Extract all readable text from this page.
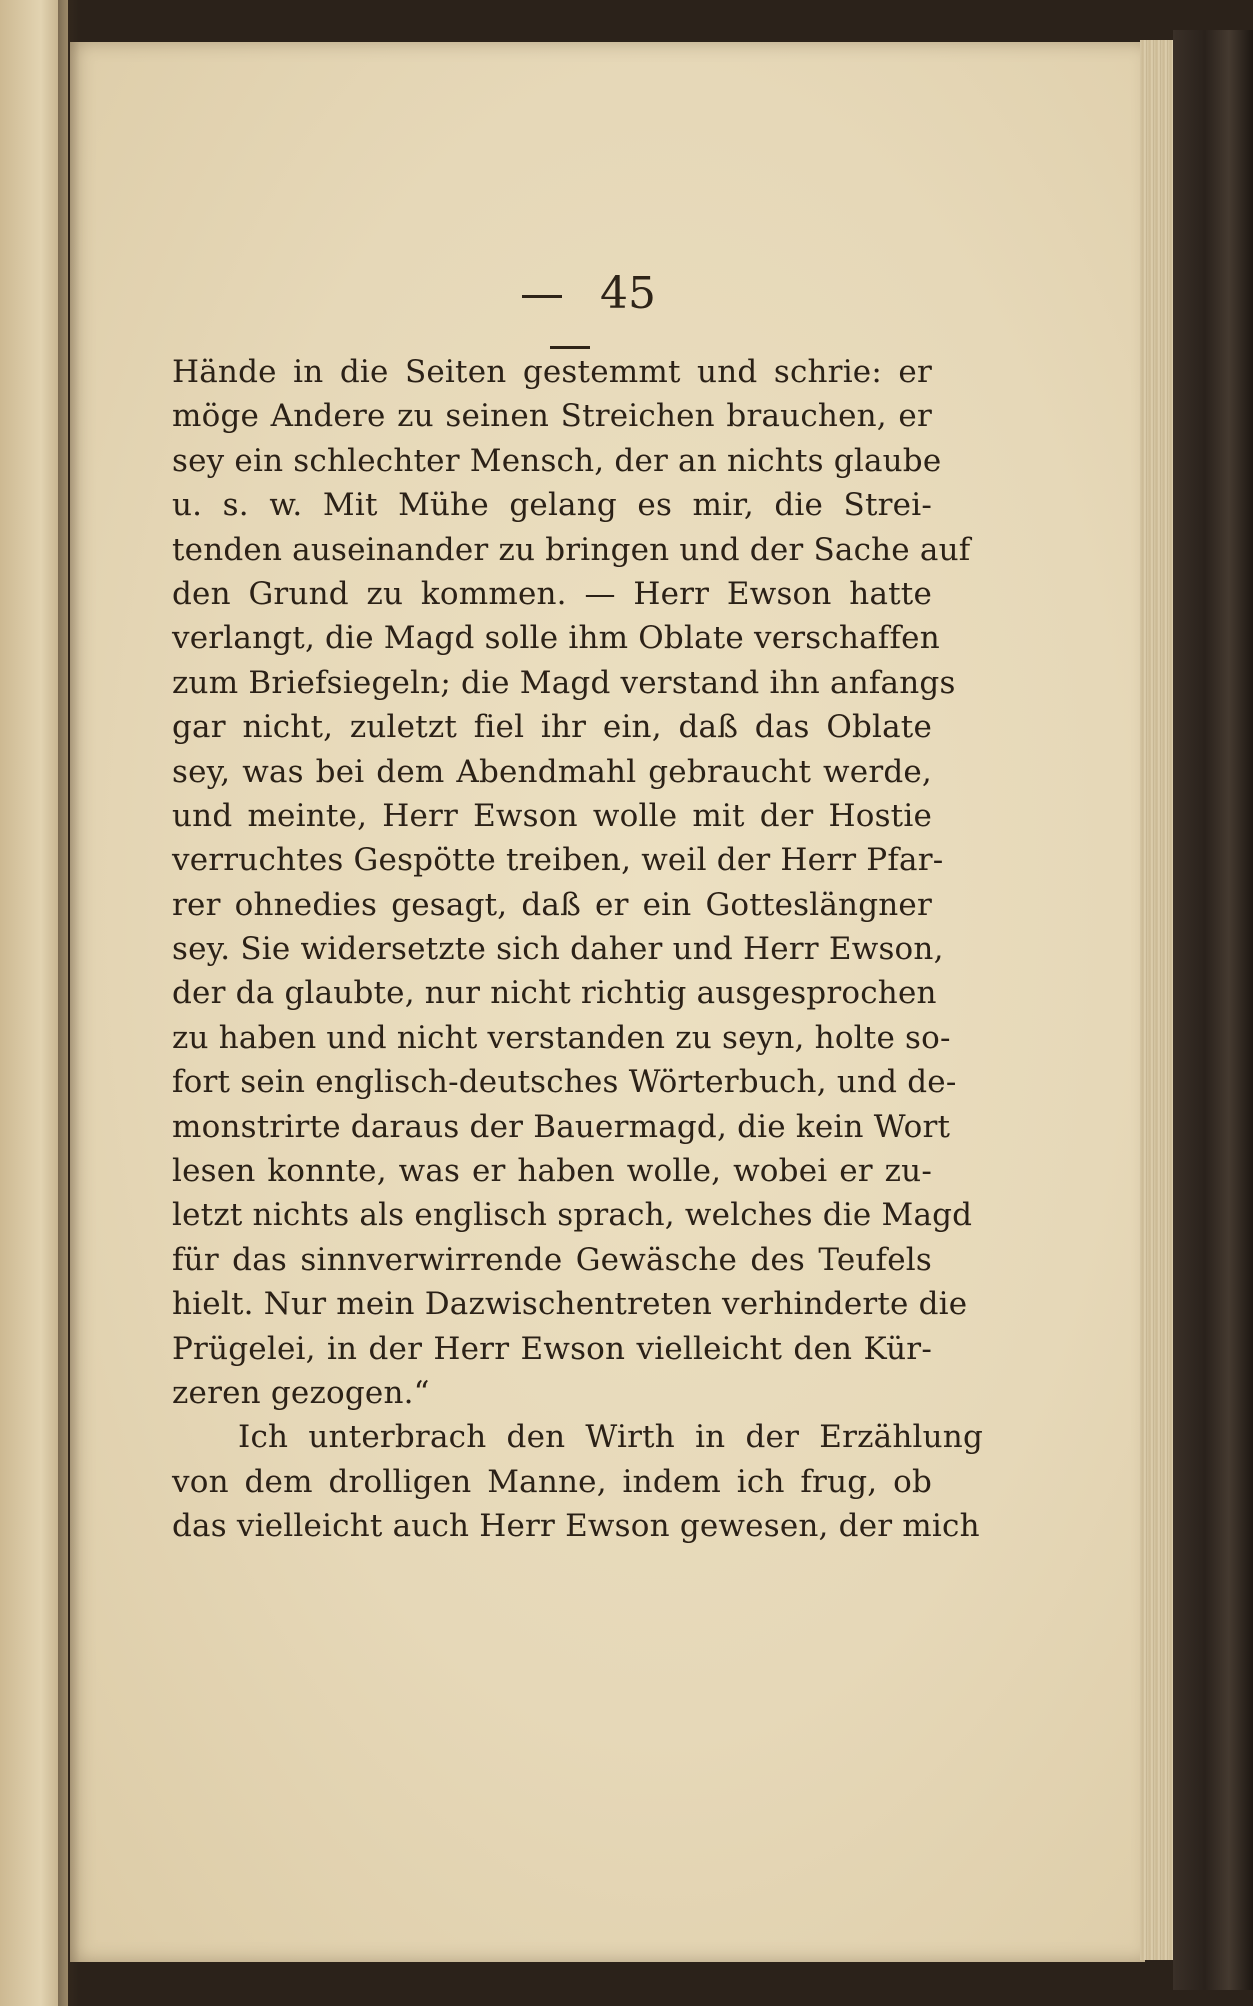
45
Hände in die Seiten gestemmt und schrie: er
möge Andere zu seinen Streichen brauchen, er
sey ein schlechter Mensch, der an nichts glaube
u. s. w. Mit Mühe gelang es mir, die Strei-
tenden auseinander zu bringen und der Sache auf
den Grund zu kommen. — Herr Ewson hatte
verlangt, die Magd solle ihm Oblate verschaffen
zum Briefsiegeln; die Magd verstand ihn anfangs
gar nicht, zuletzt fiel ihr ein, daß das Oblate
sey, was bei dem Abendmahl gebraucht werde,
und meinte, Herr Ewson wolle mit der Hostie
verruchtes Gespötte treiben, weil der Herr Pfar-
rer ohnedies gesagt, daß er ein Gotteslängner
sey. Sie widersetzte sich daher und Herr Ewson,
der da glaubte, nur nicht richtig ausgesprochen
zu haben und nicht verstanden zu seyn, holte so-
fort sein englisch-deutsches Wörterbuch, und de-
monstrirte daraus der Bauermagd, die kein Wort
lesen konnte, was er haben wolle, wobei er zu-
letzt nichts als englisch sprach, welches die Magd
für das sinnverwirrende Gewäsche des Teufels
hielt. Nur mein Dazwischentreten verhinderte die
Prügelei, in der Herr Ewson vielleicht den Kür-
zeren gezogen.“
Ich unterbrach den Wirth in der Erzählung
von dem drolligen Manne, indem ich frug, ob
das vielleicht auch Herr Ewson gewesen, der mich
